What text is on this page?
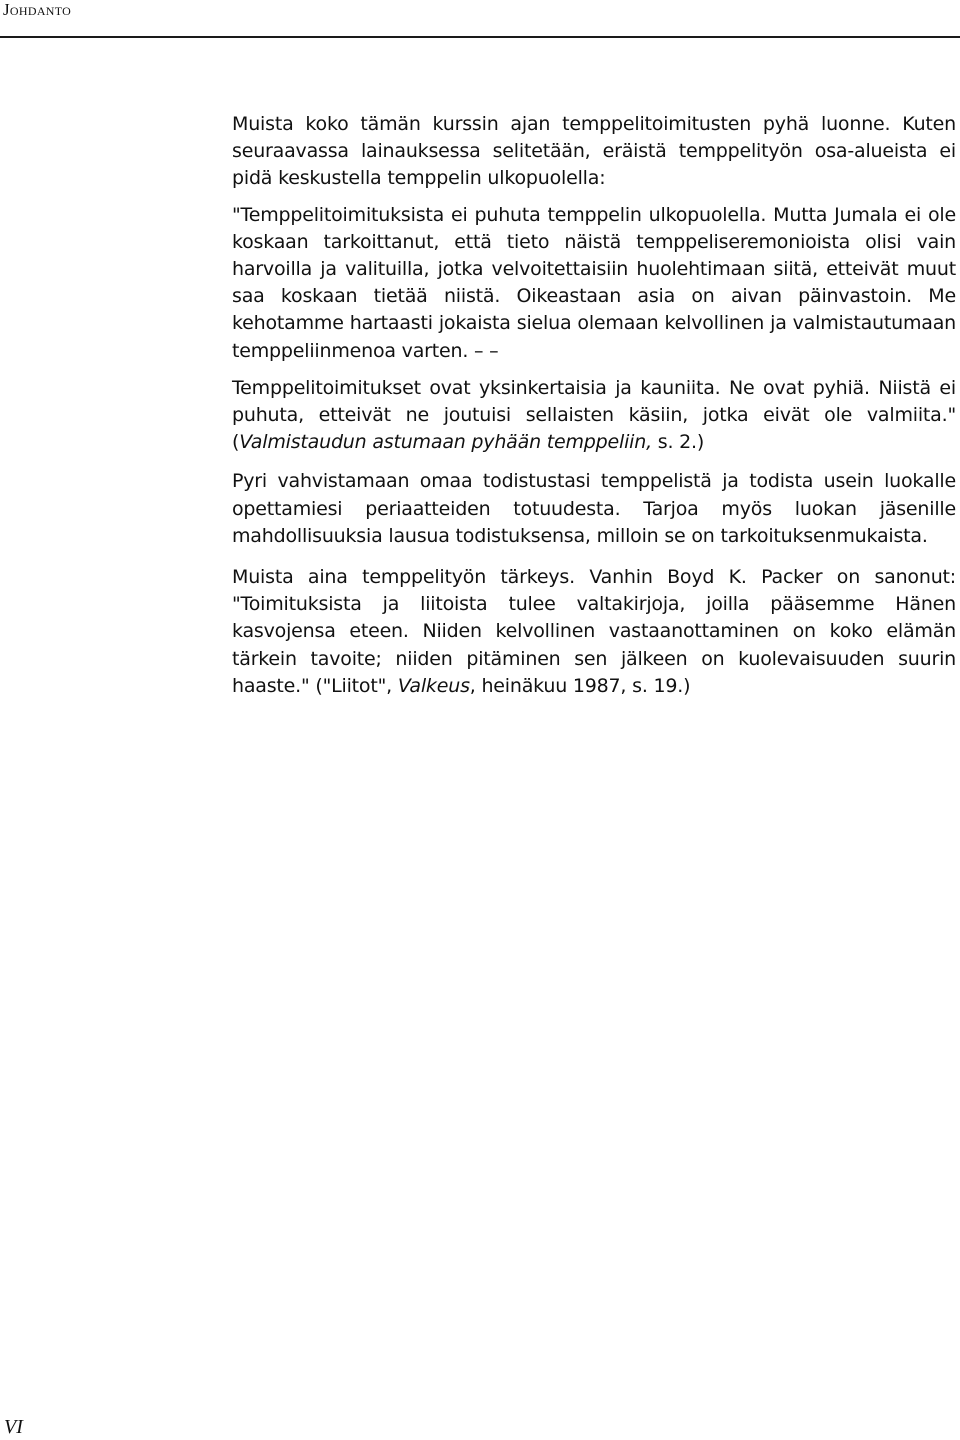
Johdanto

Muista koko tämän kurssin ajan temppelitoimitusten pyhä luonne. Kuten seuraavassa lainauksessa selitetään, eräistä temppelityön osa-alueista ei pidä keskustella temppelin ulkopuolella:

"Temppelitoimituksista ei puhuta temppelin ulkopuolella. Mutta Jumala ei ole koskaan tarkoittanut, että tieto näistä temppeliseremonioista olisi vain harvoilla ja valituilla, jotka velvoitettaisiin huolehtimaan siitä, etteivät muut saa koskaan tietää niistä. Oikeastaan asia on aivan päinvastoin. Me kehotamme hartaasti jokaista sielua olemaan kelvollinen ja valmistautumaan temppeliinmenoa varten. – –

Temppelitoimitukset ovat yksinkertaisia ja kauniita. Ne ovat pyhiä. Niistä ei puhuta, etteivät ne joutuisi sellaisten käsiin, jotka eivät ole valmiita." (Valmistaudun astumaan pyhään temppeliin, s. 2.)

Pyri vahvistamaan omaa todistustasi temppelistä ja todista usein luokalle opettamiesi periaatteiden totuudesta. Tarjoa myös luokan jäsenille mahdollisuuksia lausua todistuksensa, milloin se on tarkoituksenmukaista.

Muista aina temppelityön tärkeys. Vanhin Boyd K. Packer on sanonut: "Toimituksista ja liitoista tulee valtakirjoja, joilla pääsemme Hänen kasvojensa eteen. Niiden kelvollinen vastaanottaminen on koko elämän tärkein tavoite; niiden pitäminen sen jälkeen on kuolevaisuuden suurin haaste." ("Liitot", Valkeus, heinäkuu 1987, s. 19.)

VI
